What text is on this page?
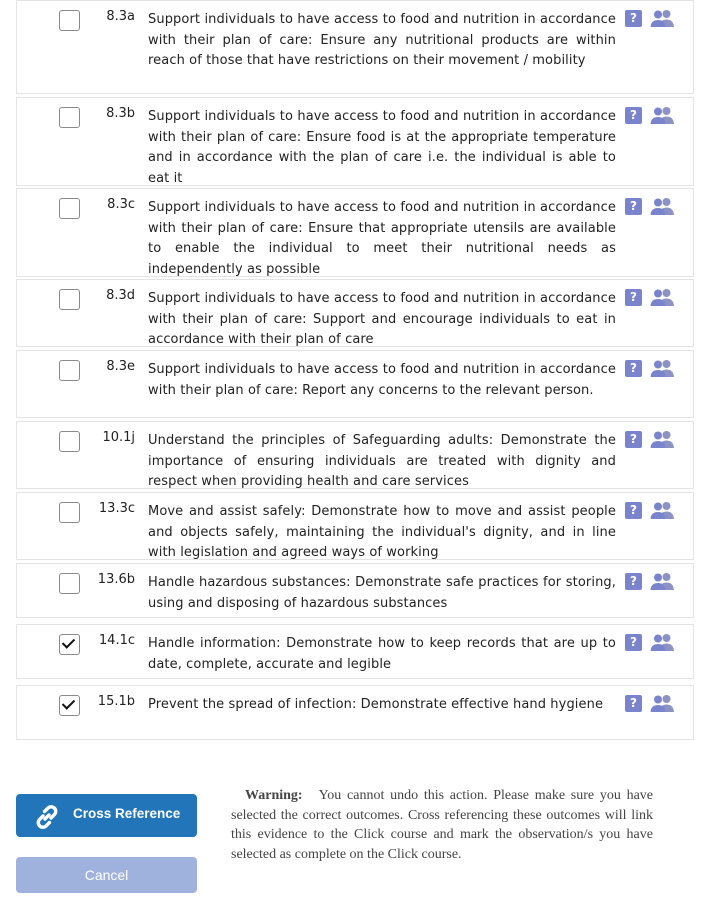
8.3a Support individuals to have access to food and nutrition in accordance with their plan of care: Ensure any nutritional products are within reach of those that have restrictions on their movement / mobility
?
8.3b Support individuals to have access to food and nutrition in accordance with their plan of care: Ensure food is at the appropriate temperature and in accordance with the plan of care i.e. the individual is able to eat it
?
8.3c Support individuals to have access to food and nutrition in accordance with their plan of care: Ensure that appropriate utensils are available to enable the individual to meet their nutritional needs as independently as possible
?
8.3d Support individuals to have access to food and nutrition in accordance with their plan of care: Support and encourage individuals to eat in accordance with their plan of care
?
8.3e Support individuals to have access to food and nutrition in accordance with their plan of care: Report any concerns to the relevant person.
?
10.1j Understand the principles of Safeguarding adults: Demonstrate the importance of ensuring individuals are treated with dignity and respect when providing health and care services
?
13.3c Move and assist safely: Demonstrate how to move and assist people and objects safely, maintaining the individual's dignity, and in line with legislation and agreed ways of working
?
13.6b Handle hazardous substances: Demonstrate safe practices for storing, using and disposing of hazardous substances
?
14.1c Handle information: Demonstrate how to keep records that are up to date, complete, accurate and legible
?
15.1b Prevent the spread of infection: Demonstrate effective hand hygiene	?
Cross Reference
Cancel
Warning: You cannot undo this action. Please make sure you have selected the correct outcomes. Cross referencing these outcomes will link this evidence to the Click course and mark the observation/s you have selected as complete on the Click course.
